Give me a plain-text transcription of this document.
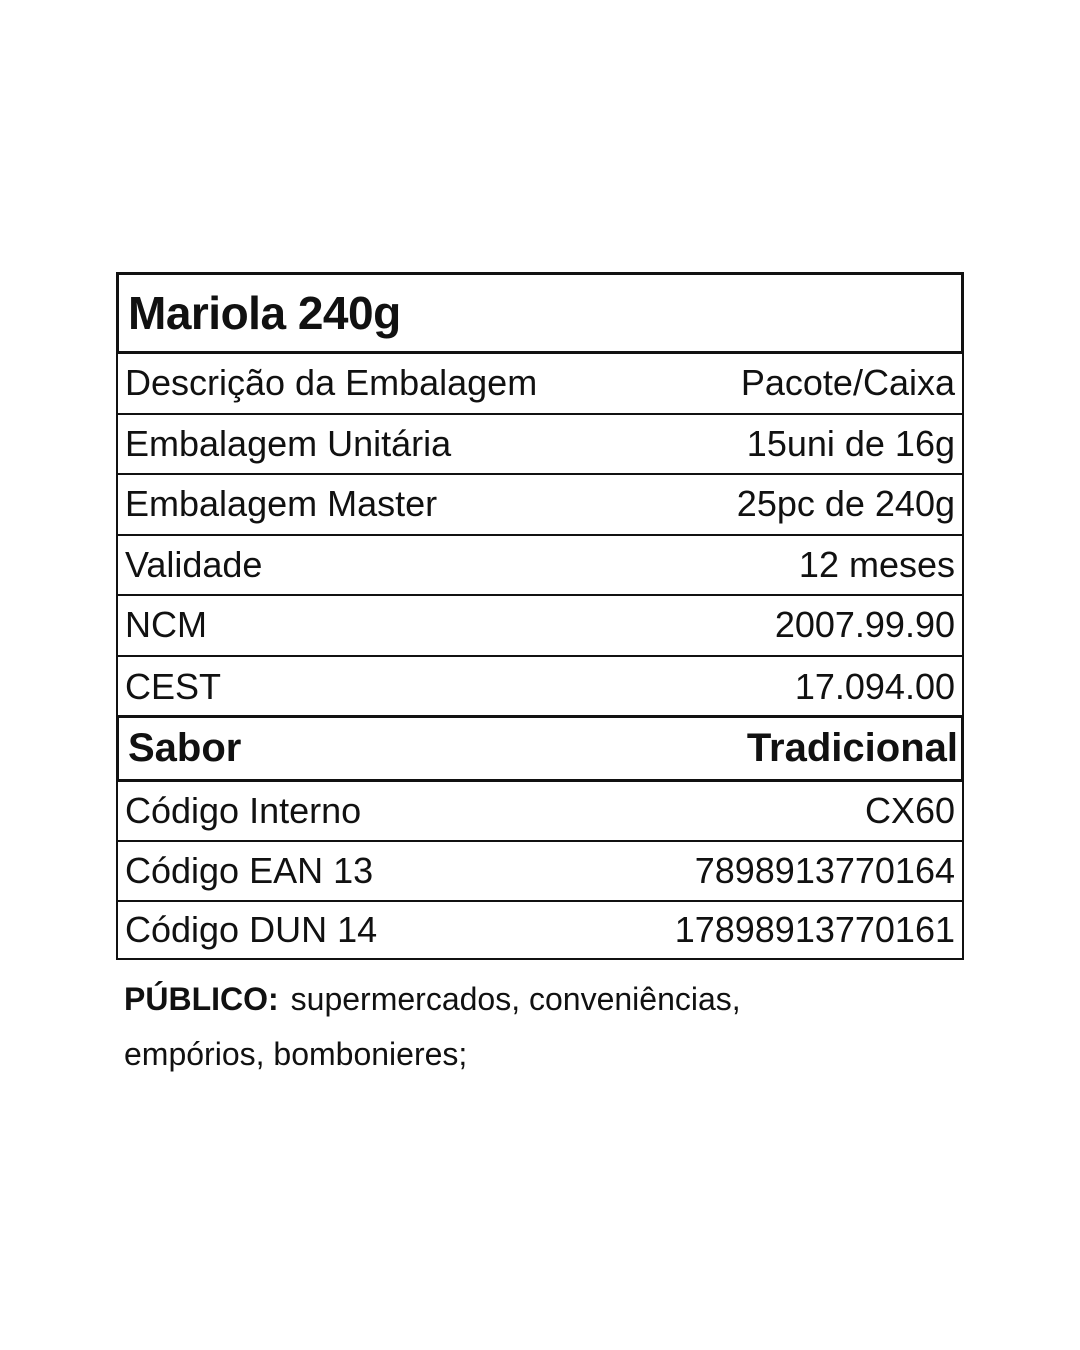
Mariola 240g
Descrição da Embalagem	Pacote/Caixa
Embalagem Unitária	15uni de 16g
Embalagem Master	25pc de 240g
Validade	12 meses
NCM	2007.99.90
CEST	17.094.00
Sabor	Tradicional
Código Interno	CX60
Código EAN 13	7898913770164
Código DUN 14	17898913770161
PÚBLICO: supermercados, conveniências, empórios, bombonieres;
